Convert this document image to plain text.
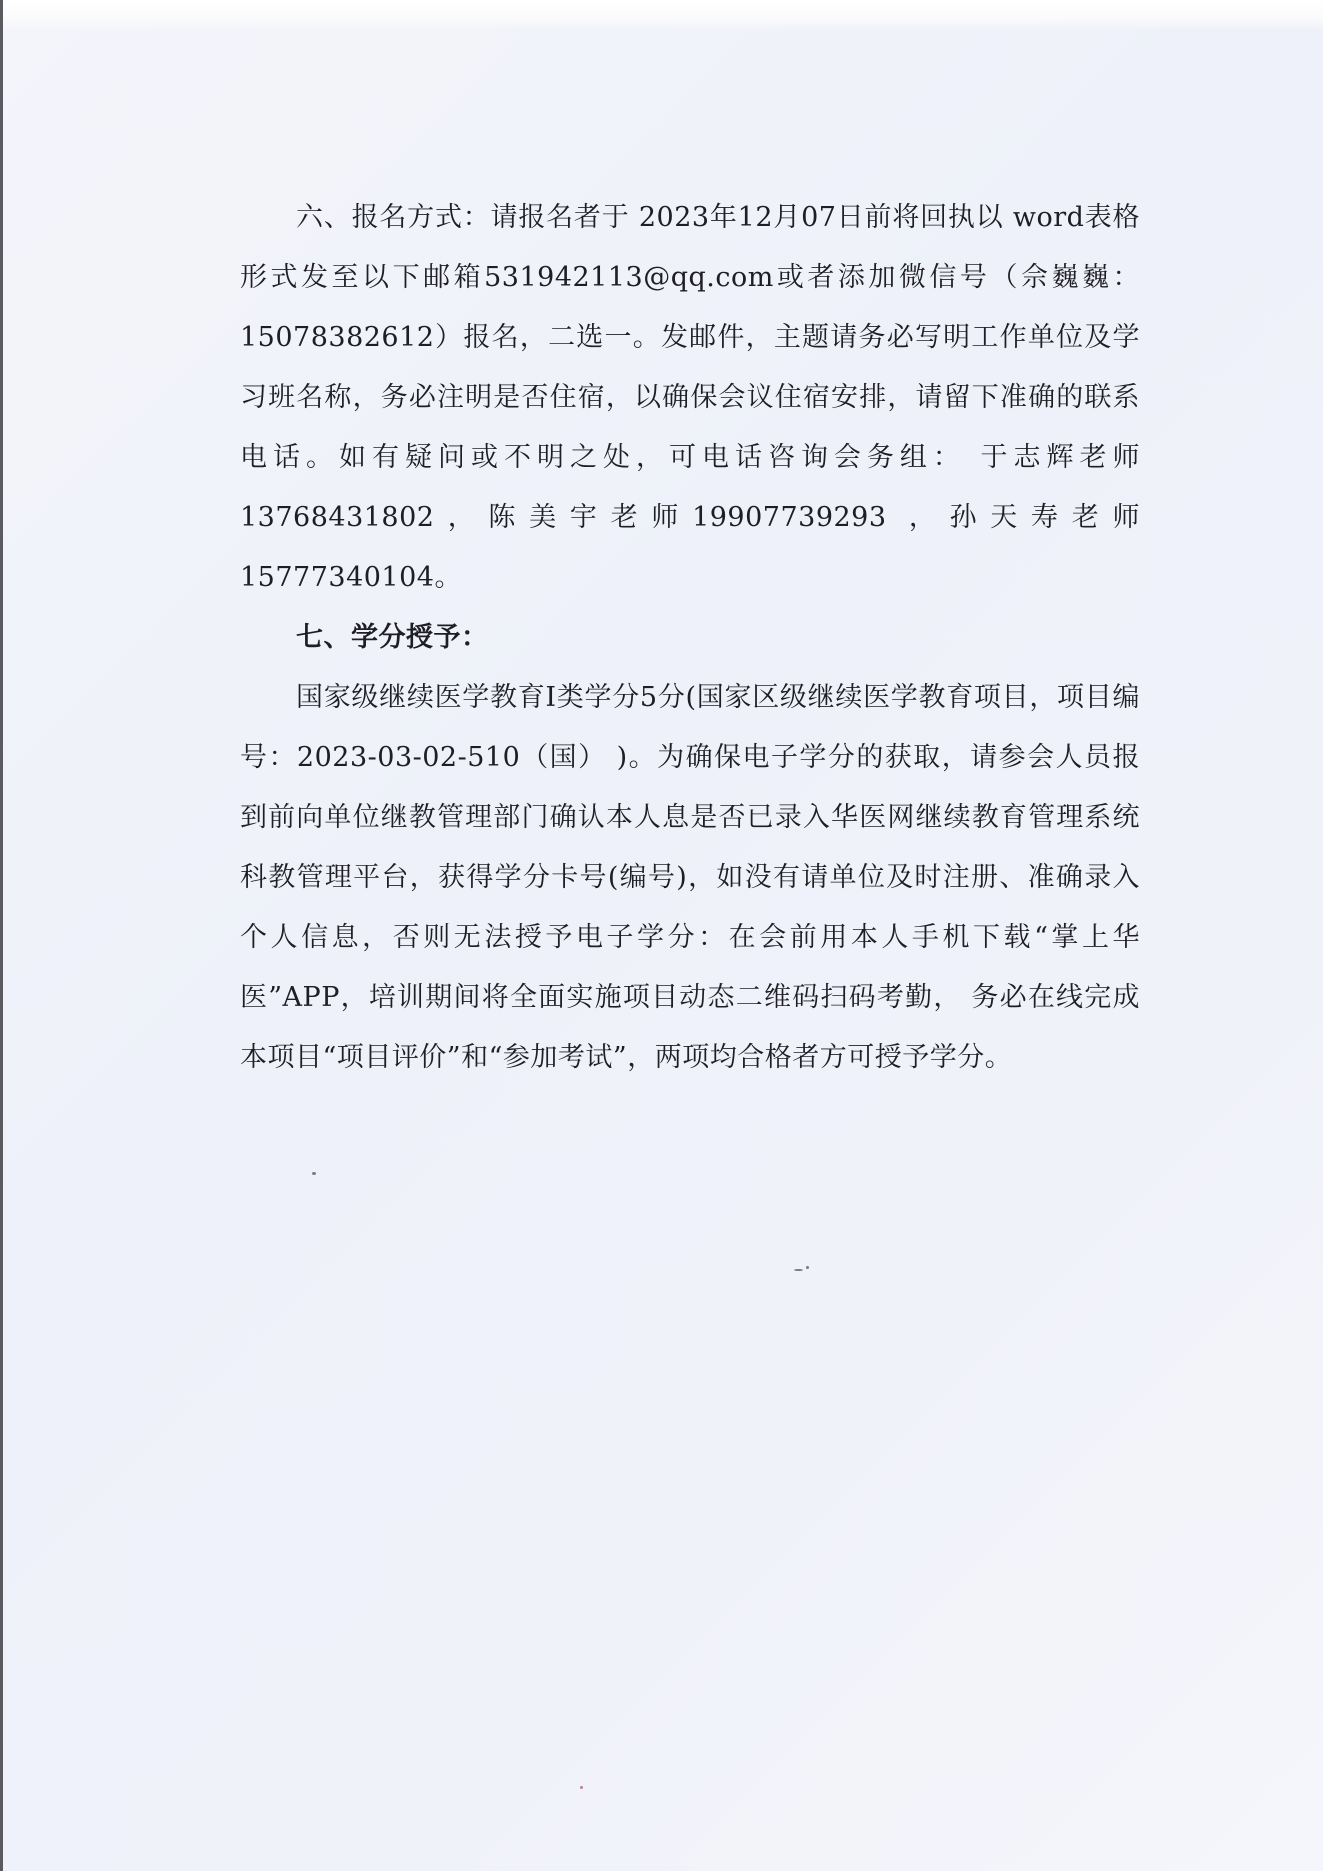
六、报名方式：请报名者于 2023年12月07日前将回执以 word表格形式发至以下邮箱531942113@qq.com或者添加微信号（佘巍巍：15078382612）报名，二选一。发邮件，主题请务必写明工作单位及学习班名称，务必注明是否住宿，以确保会议住宿安排，请留下准确的联系电话。如有疑问或不明之处，可电话咨询会务组： 于志辉老师13768431802，陈美宇老师19907739293 ，孙天寿老师15777340104。

七、学分授予：

国家级继续医学教育Ⅰ类学分5分(国家区级继续医学教育项目，项目编号：2023-03-02-510（国） )。为确保电子学分的获取，请参会人员报到前向单位继教管理部门确认本人息是否已录入华医网继续教育管理系统科教管理平台，获得学分卡号(编号)，如没有请单位及时注册、准确录入个人信息，否则无法授予电子学分：在会前用本人手机下载“掌上华医”APP，培训期间将全面实施项目动态二维码扫码考勤， 务必在线完成本项目“项目评价”和“参加考试”，两项均合格者方可授予学分。
